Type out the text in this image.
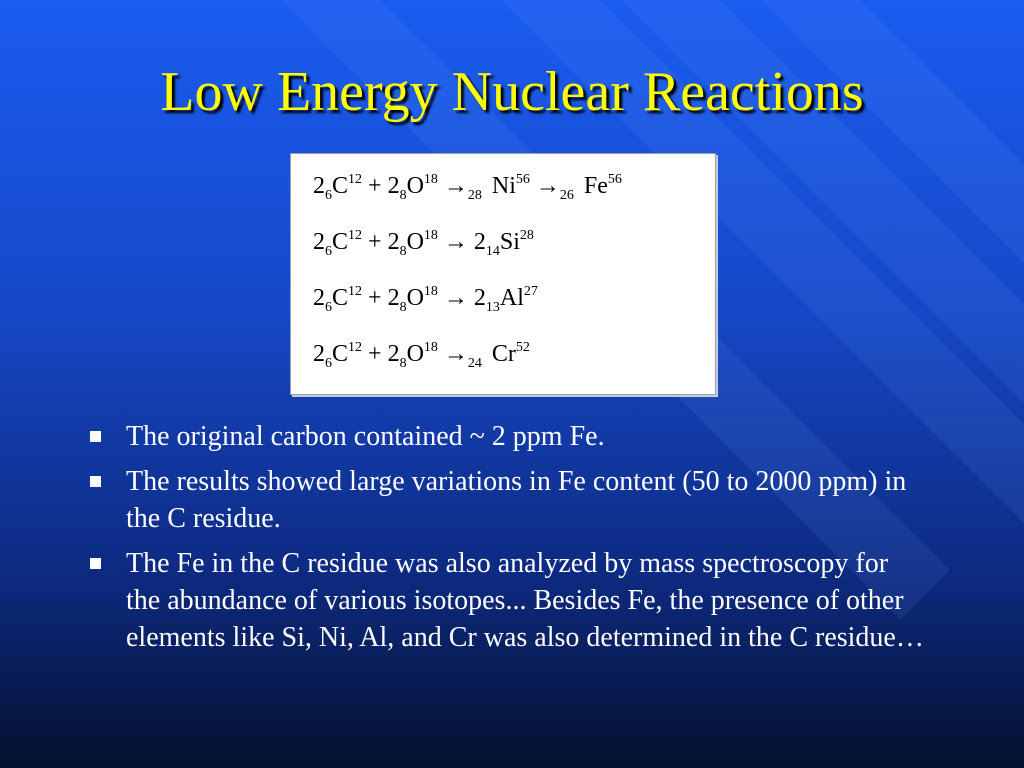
Low Energy Nuclear Reactions
$2_6C^{12} + 2_8O^{18} \to_{28}$ $Ni^{56} \to_{26}$ Fe$^{56}$
$2_6C^{12} + 2_8O^{18} \to 2_{14}Si^{28}$
$2_6C^{12} + 2_8O^{18} \to 2_{13}Al^{27}$
$2_6C^{12} + 2_8O^{18} \to_{24}$ Cr$^{52}$
The original carbon contained ~ 2 ppm Fe.
The results showed large variations in Fe content (50 to 2000 ppm) in the C residue.
The Fe in the C residue was also analyzed by mass spectroscopy for the abundance of various isotopes... Besides Fe, the presence of other elements like Si, Ni, Al, and Cr was also determined in the C residue…
